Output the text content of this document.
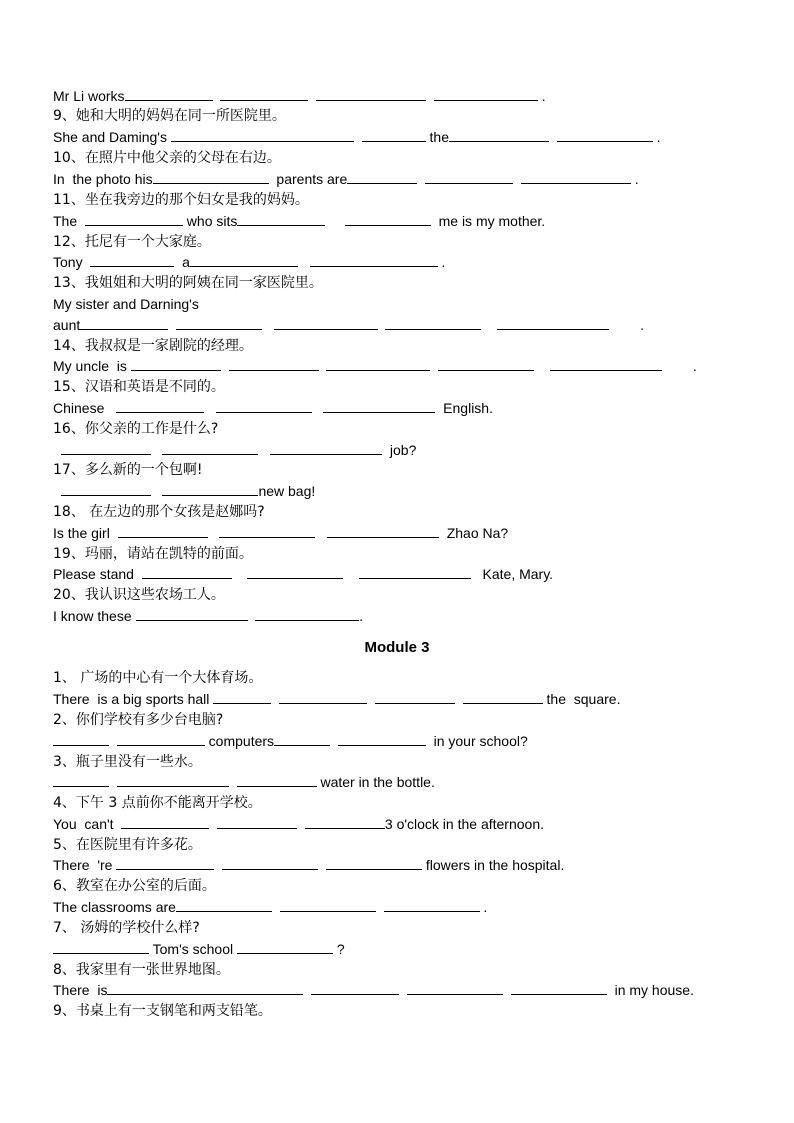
Module 3
Mr Li works	.
9、她和大明的妈妈在同一所医院里。
She and Daming's	the	.
10、在照片中他父亲的父母在右边。
In  the photo his	parents are	.
11、坐在我旁边的那个妇女是我的妈妈。
The	who sits	me is my mother.
12、托尼有一个大家庭。
Tony	a	.
13、我姐姐和大明的阿姨在同一家医院里。
My sister and Darning's
aunt	.
14、我叔叔是一家剧院的经理。
My uncle  is	.
15、汉语和英语是不同的。
Chinese	English.
16、你父亲的工作是什么?
job?
17、多么新的一个包啊!
new bag!
18、 在左边的那个女孩是赵娜吗?
Is the girl	Zhao Na?
19、玛丽，请站在凯特的前面。
Please stand	Kate, Mary.
20、我认识这些农场工人。
I know these	.
1、 广场的中心有一个大体育场。
There  is a big sports hall	the  square.
2、你们学校有多少台电脑?
computers	in your school?
3、瓶子里没有一些水。
water in the bottle.
4、下午 3 点前你不能离开学校。
You  can't	3 o'clock in the afternoon.
5、在医院里有许多花。
There  're	flowers in the hospital.
6、教室在办公室的后面。
The classrooms are	.
7、 汤姆的学校什么样?
Tom's school	?
8、我家里有一张世界地图。
There  is	in my house.
9、书桌上有一支钢笔和两支铅笔。
